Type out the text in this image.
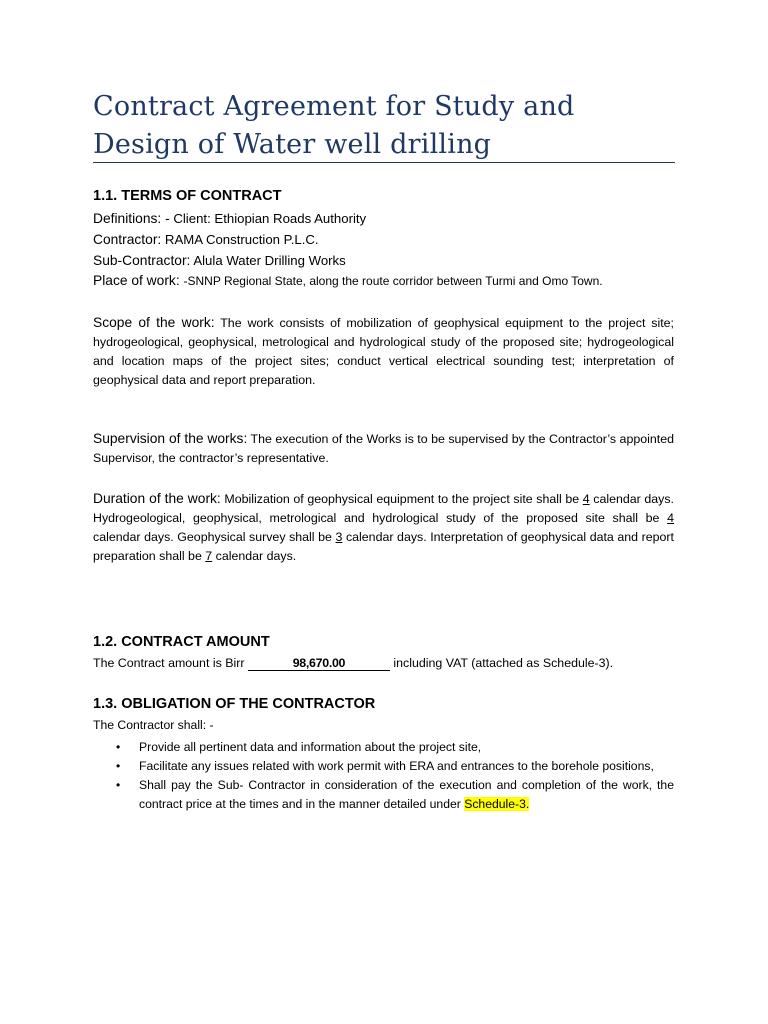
Contract Agreement for Study and Design of Water well drilling
1.1. TERMS OF CONTRACT
Definitions: - Client: Ethiopian Roads Authority
Contractor: RAMA Construction P.L.C.
Sub-Contractor: Alula Water Drilling Works
Place of work: -SNNP Regional State, along the route corridor between Turmi and Omo Town.
Scope of the work: The work consists of mobilization of geophysical equipment to the project site; hydrogeological, geophysical, metrological and hydrological study of the proposed site; hydrogeological and location maps of the project sites; conduct vertical electrical sounding test; interpretation of geophysical data and report preparation.
Supervision of the works: The execution of the Works is to be supervised by the Contractor’s appointed Supervisor, the contractor’s representative.
Duration of the work: Mobilization of geophysical equipment to the project site shall be 4 calendar days. Hydrogeological, geophysical, metrological and hydrological study of the proposed site shall be 4 calendar days. Geophysical survey shall be 3 calendar days. Interpretation of geophysical data and report preparation shall be 7 calendar days.
1.2. CONTRACT AMOUNT
The Contract amount is Birr	98,670.00	including VAT (attached as Schedule-3).
1.3. OBLIGATION OF THE CONTRACTOR
The Contractor shall: -
• Provide all pertinent data and information about the project site,
• Facilitate any issues related with work permit with ERA and entrances to the borehole positions,
• Shall pay the Sub- Contractor in consideration of the execution and completion of the work, the contract price at the times and in the manner detailed under Schedule-3.
